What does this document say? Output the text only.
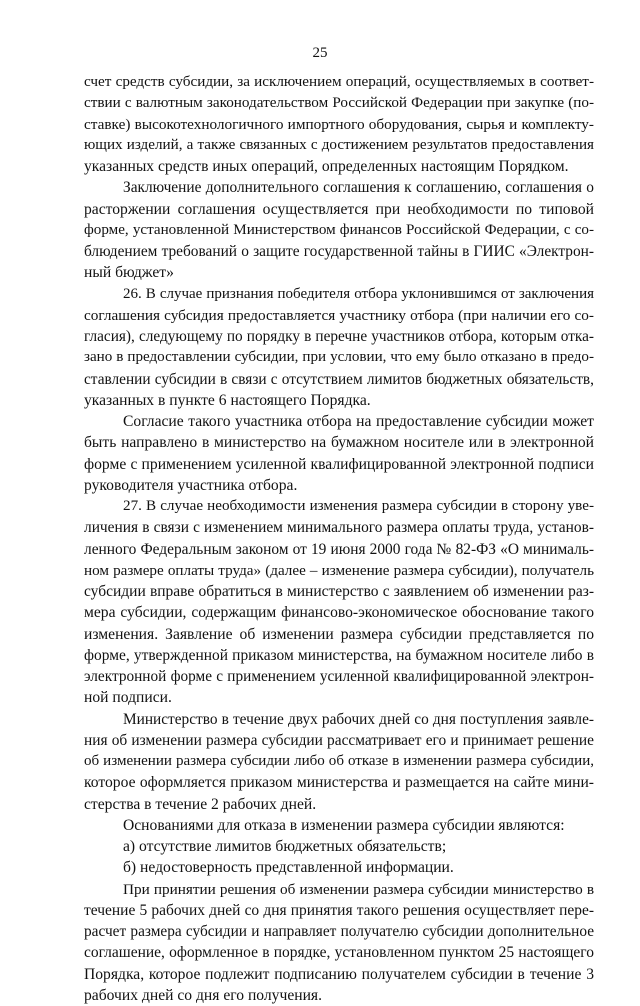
25
счет средств субсидии, за исключением операций, осуществляемых в соответ-
ствии с валютным законодательством Российской Федерации при закупке (по-
ставке) высокотехнологичного импортного оборудования, сырья и комплекту-
ющих изделий, а также связанных с достижением результатов предоставления
указанных средств иных операций, определенных настоящим Порядком.
Заключение дополнительного соглашения к соглашению, соглашения о
расторжении соглашения осуществляется при необходимости по типовой
форме, установленной Министерством финансов Российской Федерации, с со-
блюдением требований о защите государственной тайны в ГИИС «Электрон-
ный бюджет»
26. В случае признания победителя отбора уклонившимся от заключения
соглашения субсидия предоставляется участнику отбора (при наличии его со-
гласия), следующему по порядку в перечне участников отбора, которым отка-
зано в предоставлении субсидии, при условии, что ему было отказано в предо-
ставлении субсидии в связи с отсутствием лимитов бюджетных обязательств,
указанных в пункте 6 настоящего Порядка.
Согласие такого участника отбора на предоставление субсидии может
быть направлено в министерство на бумажном носителе или в электронной
форме с применением усиленной квалифицированной электронной подписи
руководителя участника отбора.
27. В случае необходимости изменения размера субсидии в сторону уве-
личения в связи с изменением минимального размера оплаты труда, установ-
ленного Федеральным законом от 19 июня 2000 года № 82-ФЗ «О минималь-
ном размере оплаты труда» (далее – изменение размера субсидии), получатель
субсидии вправе обратиться в министерство с заявлением об изменении раз-
мера субсидии, содержащим финансово-экономическое обоснование такого
изменения. Заявление об изменении размера субсидии представляется по
форме, утвержденной приказом министерства, на бумажном носителе либо в
электронной форме с применением усиленной квалифицированной электрон-
ной подписи.
Министерство в течение двух рабочих дней со дня поступления заявле-
ния об изменении размера субсидии рассматривает его и принимает решение
об изменении размера субсидии либо об отказе в изменении размера субсидии,
которое оформляется приказом министерства и размещается на сайте мини-
стерства в течение 2 рабочих дней.
Основаниями для отказа в изменении размера субсидии являются:
а) отсутствие лимитов бюджетных обязательств;
б) недостоверность представленной информации.
При принятии решения об изменении размера субсидии министерство в
течение 5 рабочих дней со дня принятия такого решения осуществляет пере-
расчет размера субсидии и направляет получателю субсидии дополнительное
соглашение, оформленное в порядке, установленном пунктом 25 настоящего
Порядка, которое подлежит подписанию получателем субсидии в течение 3
рабочих дней со дня его получения.
